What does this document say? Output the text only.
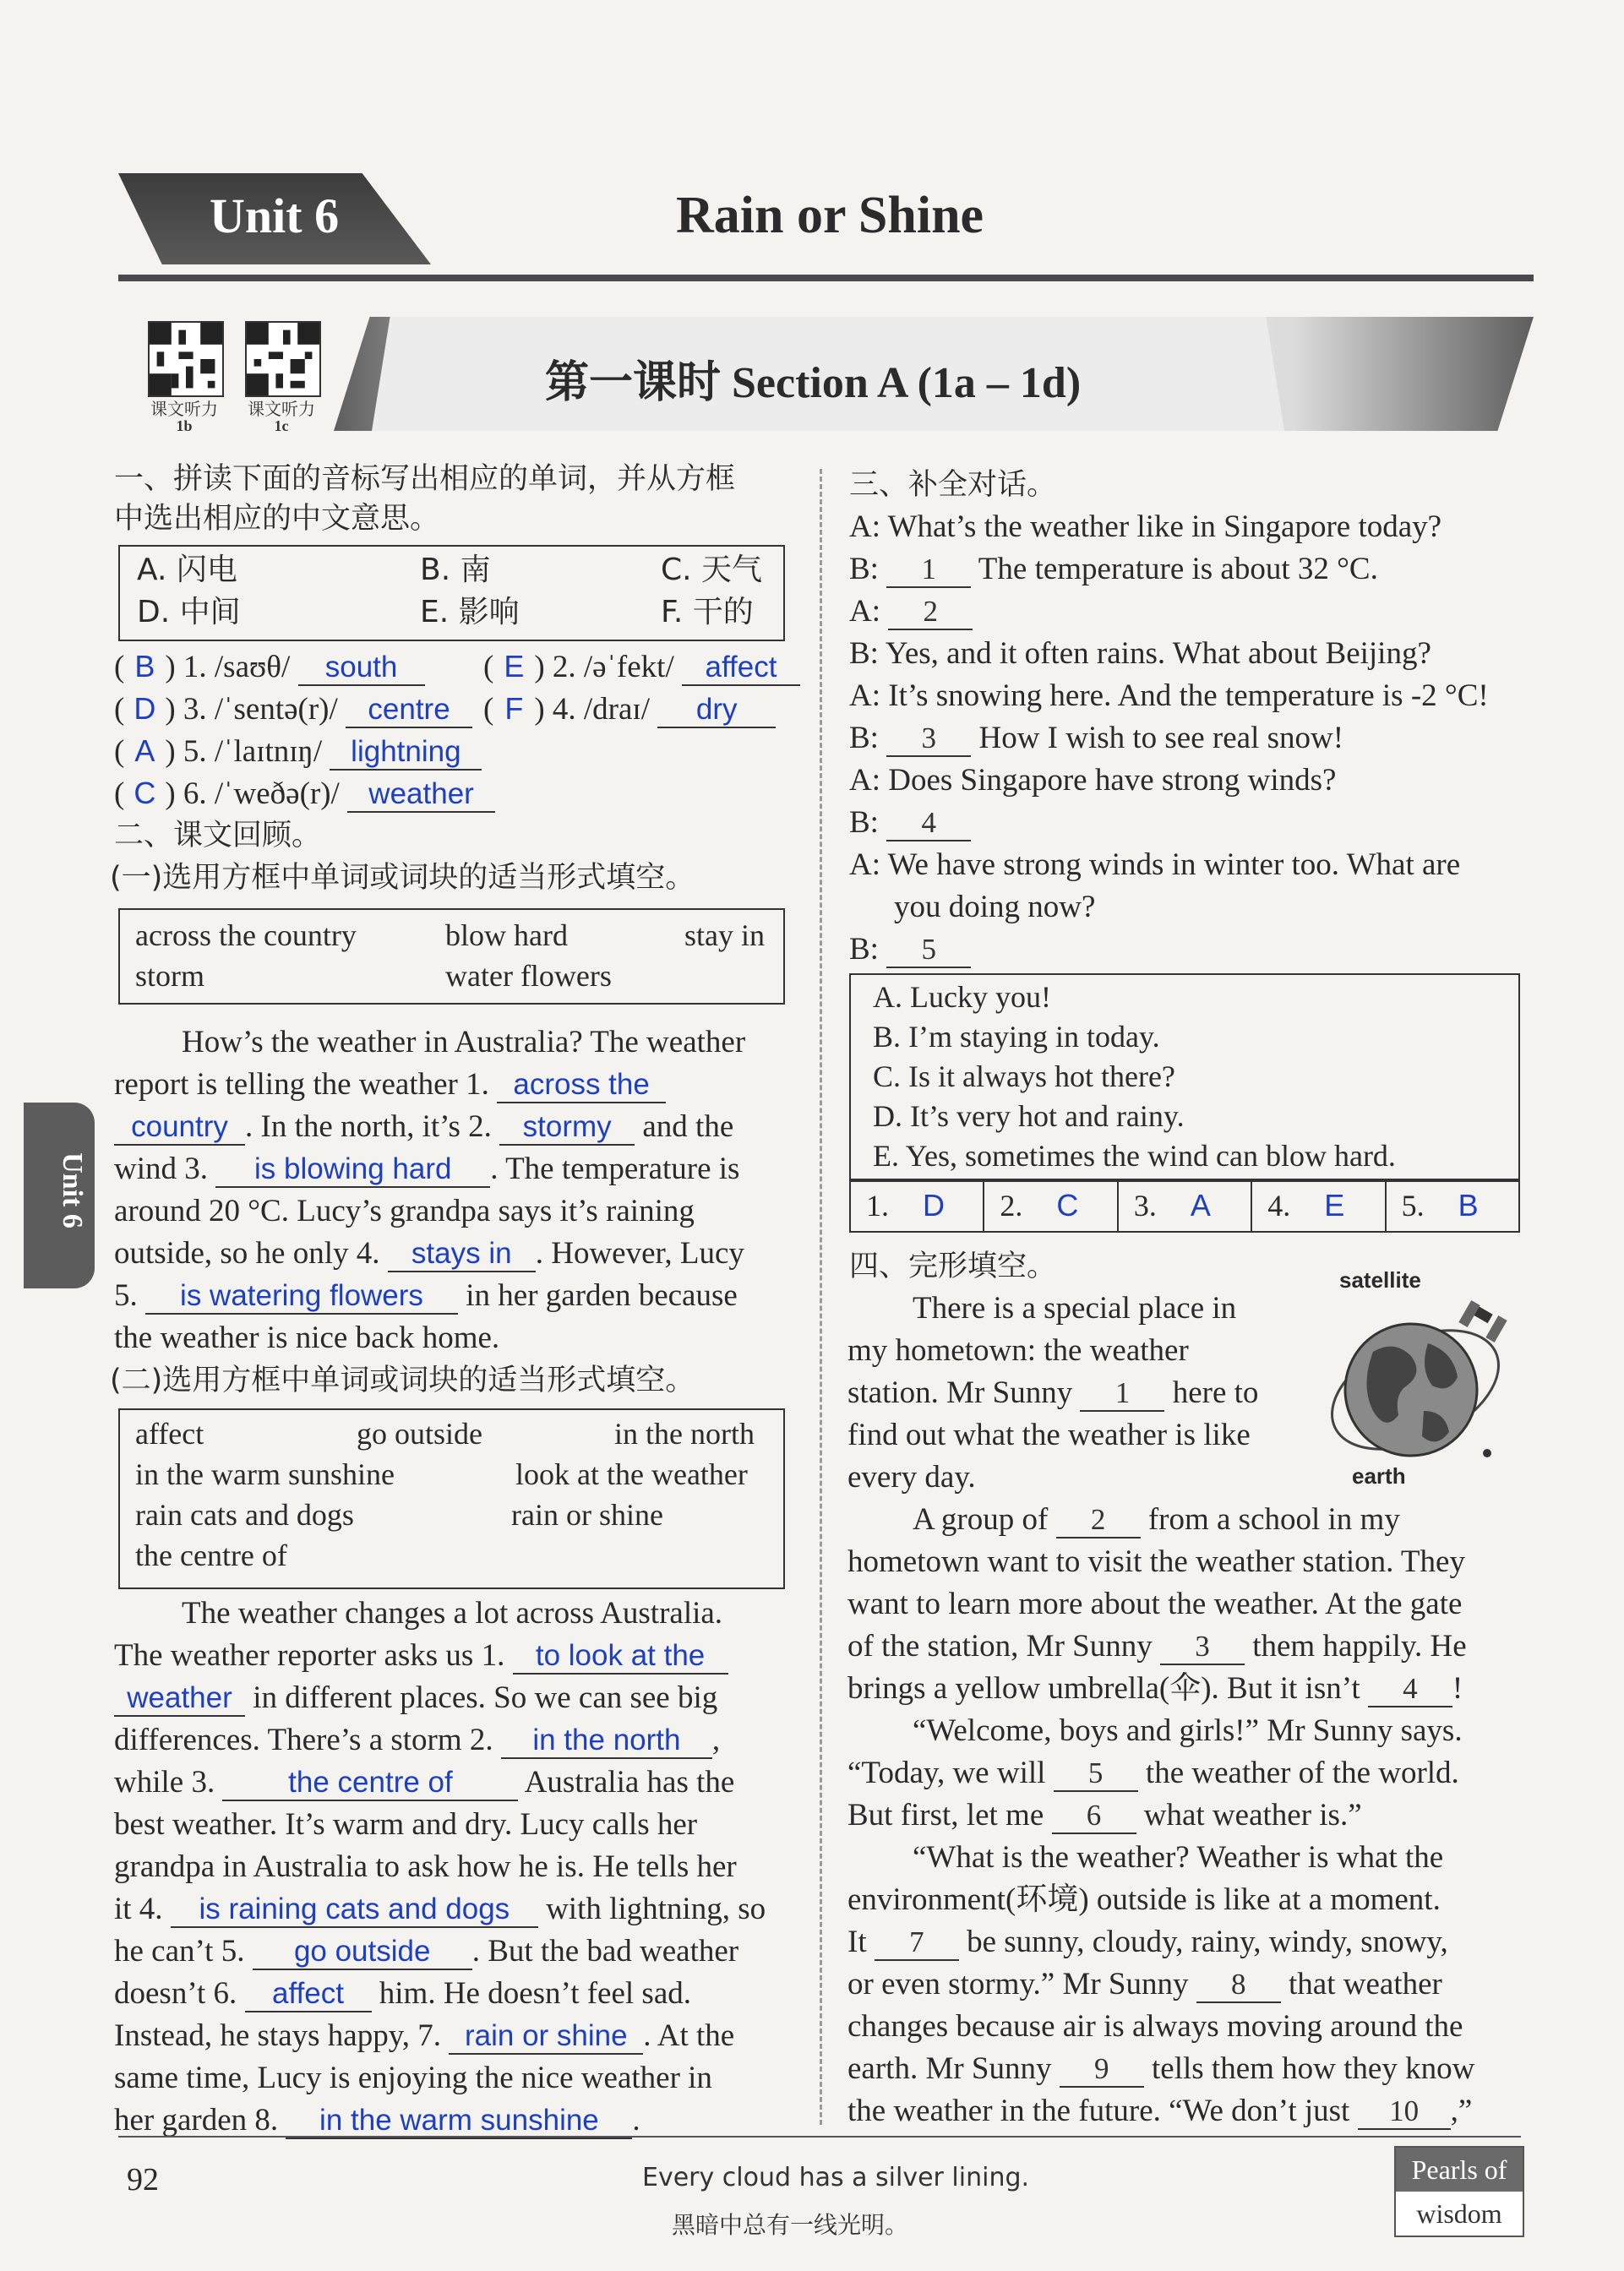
Unit 6	Rain or Shine
课文听力	课文听力
1b	1c
第一课时 Section A (1a – 1d)
Unit 6
一、拼读下面的音标写出相应的单词，并从方框
中选出相应的中文意思。
A. 闪电	B. 南	C. 天气
D. 中间	E. 影响	F. 干的
( B ) 1. /saʊθ/ south	( E ) 2. /əˈfekt/ affect
( D ) 3. /ˈsentə(r)/ centre	( F ) 4. /draɪ/ dry
( A ) 5. /ˈlaɪtnɪŋ/ lightning
( C ) 6. /ˈweðə(r)/ weather
二、课文回顾。
(一)选用方框中单词或词块的适当形式填空。
across the country	blow hard	stay in
storm	water flowers
How’s the weather in Australia? The weather
report is telling the weather 1. across the
country . In the north, it’s 2. stormy and the
wind 3. is blowing hard . The temperature is
around 20 °C. Lucy’s grandpa says it’s raining
outside, so he only 4. stays in . However, Lucy
5. is watering flowers in her garden because
the weather is nice back home.
(二)选用方框中单词或词块的适当形式填空。
affect	go outside	in the north
in the warm sunshine	look at the weather
rain cats and dogs	rain or shine
the centre of
The weather changes a lot across Australia.
The weather reporter asks us 1. to look at the
weather in different places. So we can see big
differences. There’s a storm 2. in the north ,
while 3. the centre of Australia has the
best weather. It’s warm and dry. Lucy calls her
grandpa in Australia to ask how he is. He tells her
it 4. is raining cats and dogs with lightning, so
he can’t 5. go outside . But the bad weather
doesn’t 6. affect him. He doesn’t feel sad.
Instead, he stays happy, 7. rain or shine . At the
same time, Lucy is enjoying the nice weather in
her garden 8. in the warm sunshine .
三、补全对话。
A: What’s the weather like in Singapore today?
B: 1 The temperature is about 32 °C.
A: 2
B: Yes, and it often rains. What about Beijing?
A: It’s snowing here. And the temperature is -2 °C!
B: 3 How I wish to see real snow!
A: Does Singapore have strong winds?
B: 4
A: We have strong winds in winter too. What are
you doing now?
B: 5
A. Lucky you!
B. I’m staying in today.
C. Is it always hot there?
D. It’s very hot and rainy.
E. Yes, sometimes the wind can blow hard.
1. D	2. C	3. A	4. E	5. B
四、完形填空。	satellite
earth
There is a special place in
my hometown: the weather
station. Mr Sunny 1 here to
find out what the weather is like
every day.
A group of 2 from a school in my
hometown want to visit the weather station. They
want to learn more about the weather. At the gate
of the station, Mr Sunny 3 them happily. He
brings a yellow umbrella(伞). But it isn’t 4 !
“Welcome, boys and girls!” Mr Sunny says.
“Today, we will 5 the weather of the world.
But first, let me 6 what weather is.”
“What is the weather? Weather is what the
environment(环境) outside is like at a moment.
It 7 be sunny, cloudy, rainy, windy, snowy,
or even stormy.” Mr Sunny 8 that weather
changes because air is always moving around the
earth. Mr Sunny 9 tells them how they know
the weather in the future. “We don’t just 10 ,”
92	Every cloud has a silver lining.
黑暗中总有一线光明。
Pearls of
wisdom
